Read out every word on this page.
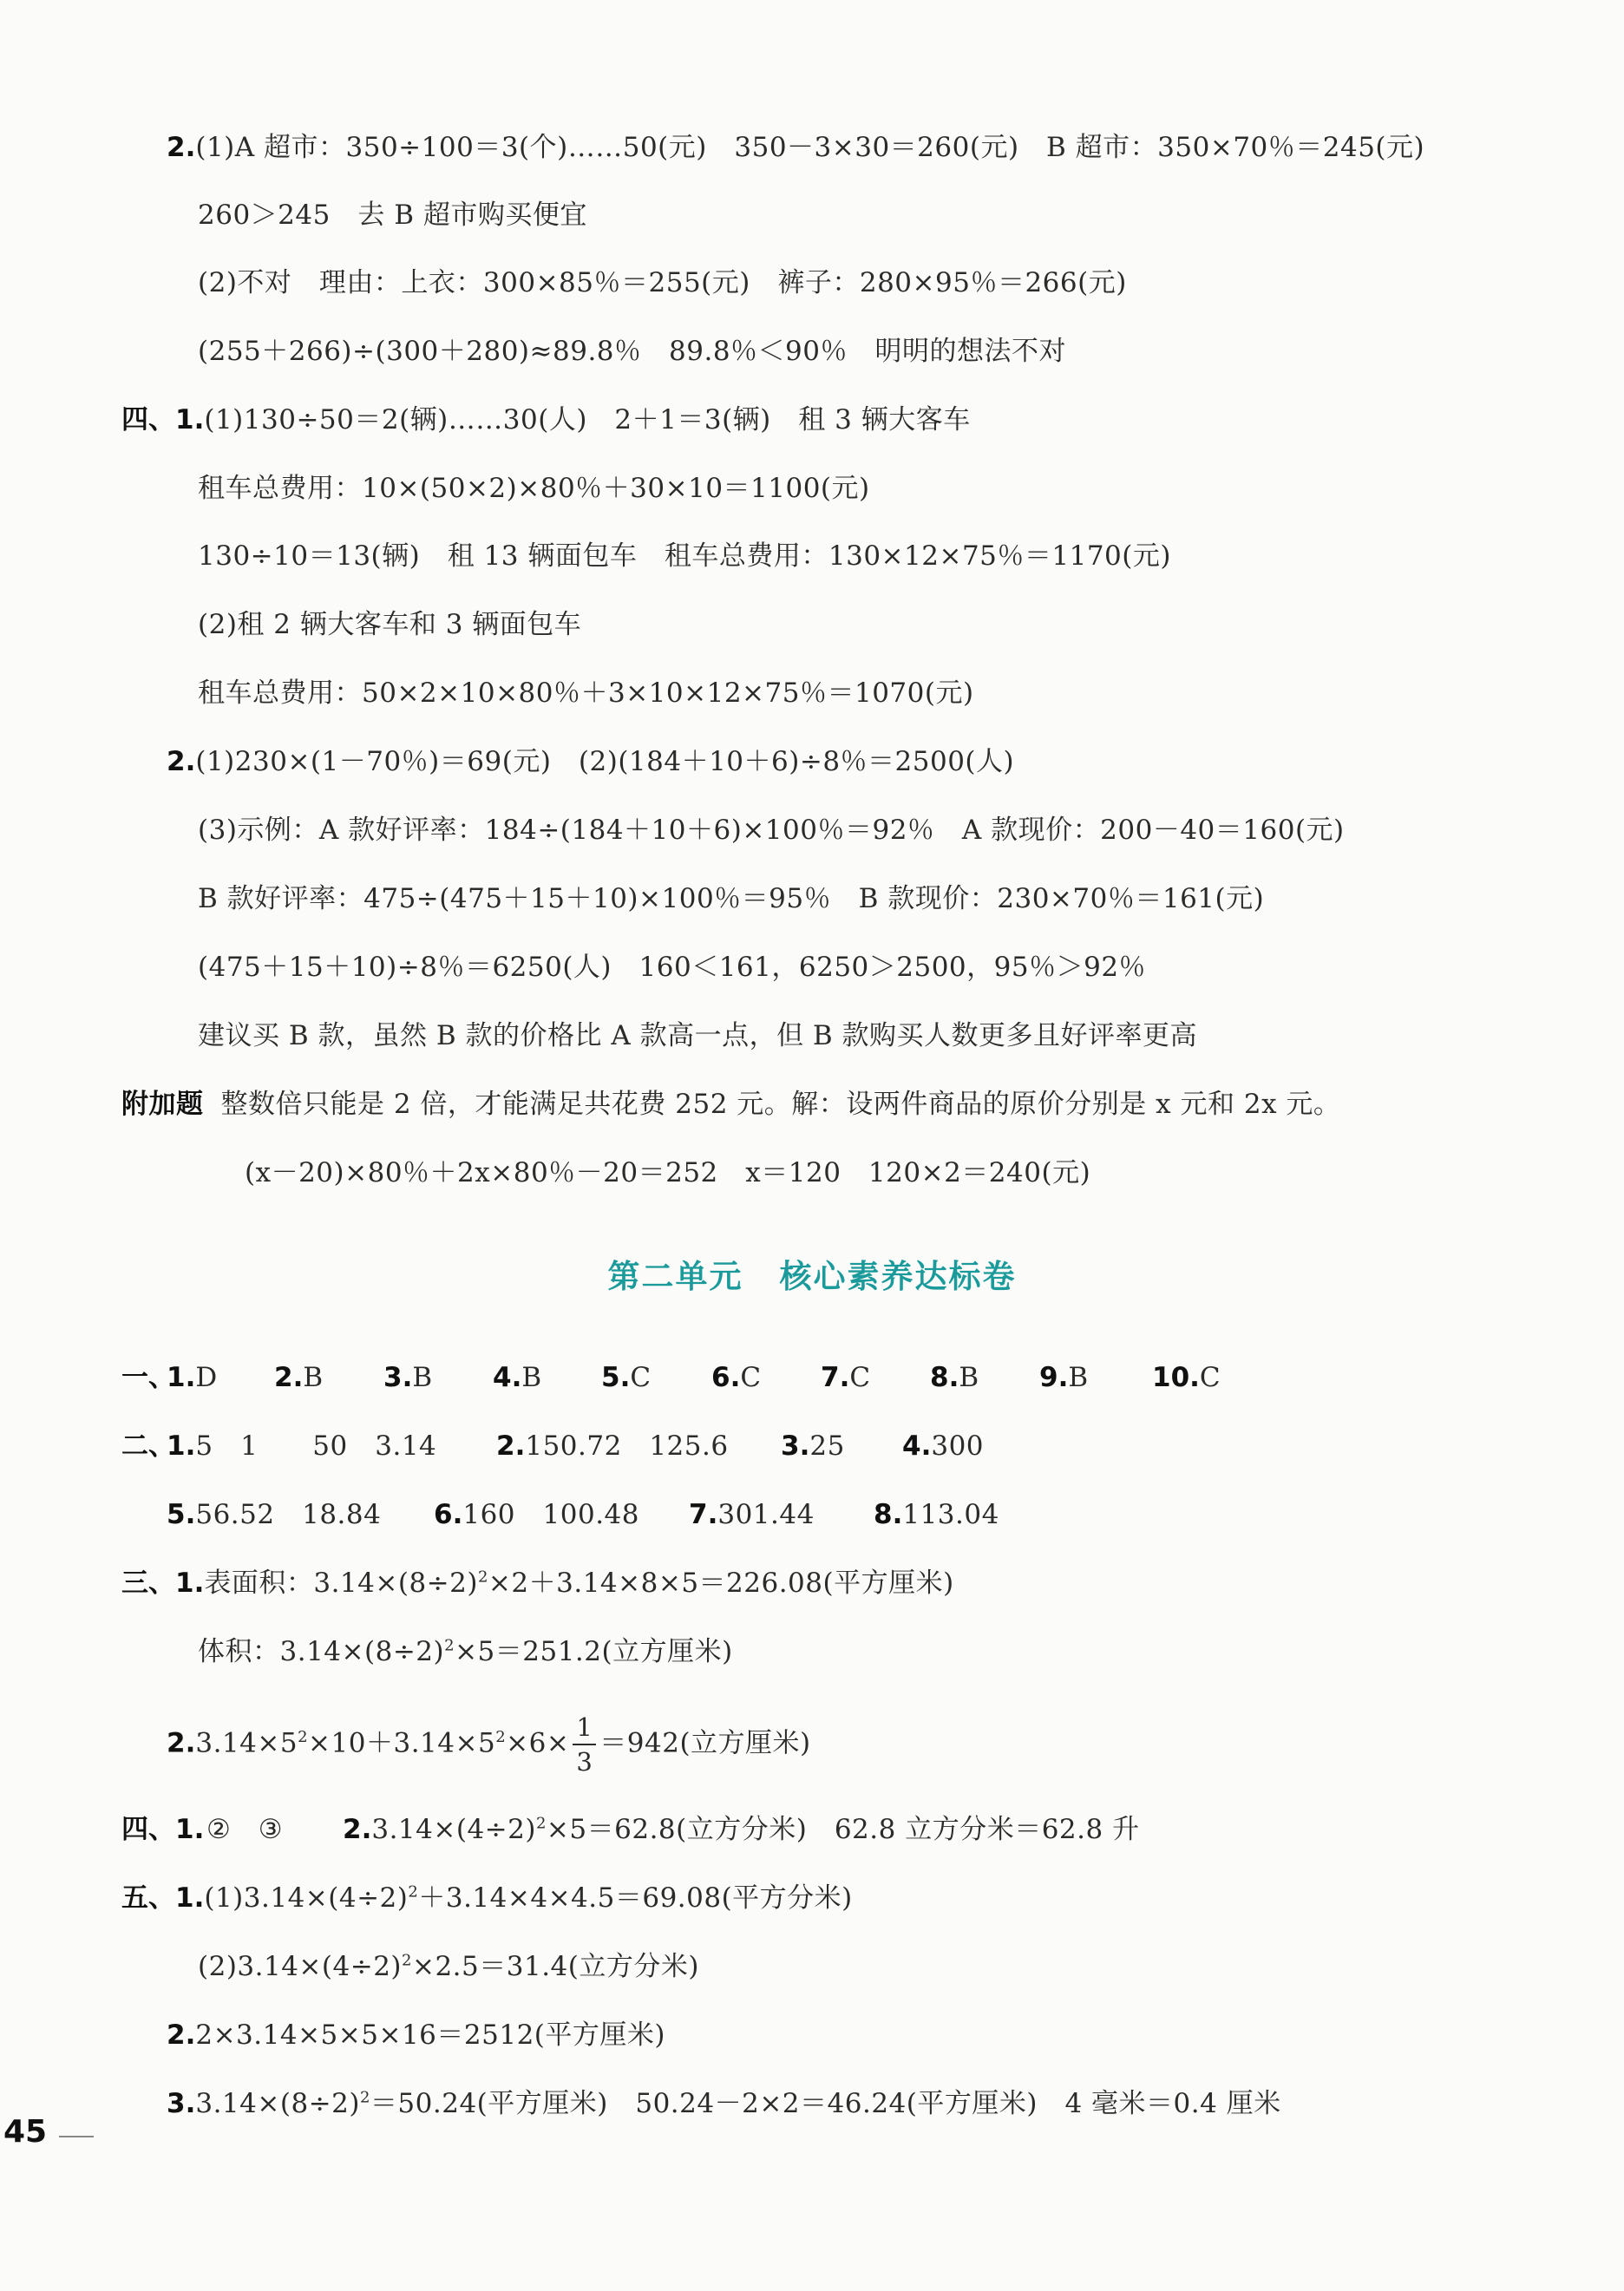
2.(1)A 超市：350÷100＝3(个)……50(元)　350－3×30＝260(元)　B 超市：350×70％＝245(元)
260＞245　去 B 超市购买便宜
(2)不对　理由：上衣：300×85％＝255(元)　裤子：280×95％＝266(元)
(255＋266)÷(300＋280)≈89.8％　89.8％＜90％　明明的想法不对
四、1.(1)130÷50＝2(辆)……30(人)　2＋1＝3(辆)　租 3 辆大客车
租车总费用：10×(50×2)×80％＋30×10＝1100(元)
130÷10＝13(辆)　租 13 辆面包车　租车总费用：130×12×75％＝1170(元)
(2)租 2 辆大客车和 3 辆面包车
租车总费用：50×2×10×80％＋3×10×12×75％＝1070(元)
2.(1)230×(1－70％)＝69(元)　(2)(184＋10＋6)÷8％＝2500(人)
(3)示例：A 款好评率：184÷(184＋10＋6)×100％＝92％　A 款现价：200－40＝160(元)
B 款好评率：475÷(475＋15＋10)×100％＝95％　B 款现价：230×70％＝161(元)
(475＋15＋10)÷8％＝6250(人)　160＜161，6250＞2500，95％＞92％
建议买 B 款，虽然 B 款的价格比 A 款高一点，但 B 款购买人数更多且好评率更高
附加题 整数倍只能是 2 倍，才能满足共花费 252 元。解：设两件商品的原价分别是 x 元和 2x 元。
(x－20)×80％＋2x×80％－20＝252　x＝120　120×2＝240(元)
第二单元 核心素养达标卷
一、
1.D 2.B 3.B 4.B 5.C 6.C 7.C 8.B 9.B 10.C
二、
1.5　1　　50　3.14 2.150.72　125.6 3.25 4.300
5.56.52　18.84 6.160　100.48 7.301.44 8.113.04
三、1.表面积：$3.14\times(8\div 2)^2\times 2+3.14\times 8\times 5=226.08$(平方厘米)
体积：$3.14\times(8\div 2)^2\times 5=251.2$(立方厘米)
$2.3.14\times 5^2\times 10+3.14\times 5^2\times 6\times \frac{1}{3} =942$(立方厘米)
四、1. ②　③ $2.3.14\times(4\div 2)^2\times 5=62.8$(立方分米)　62.8 立方分米＝62.8 升
五、$1.(1)3.14\times(4\div 2)^2+3.14\times 4\times 4.5=69.08$(平方分米)
$(2)3.14\times(4\div 2)^2\times 2.5=31.4$(立方分米)
2.2×3.14×5×5×16＝2512(平方厘米)
$3.3.14\times(8\div 2)^2=50.24$(平方厘米)　50.24－2×2＝46.24(平方厘米)　4 毫米＝0.4 厘米
45
